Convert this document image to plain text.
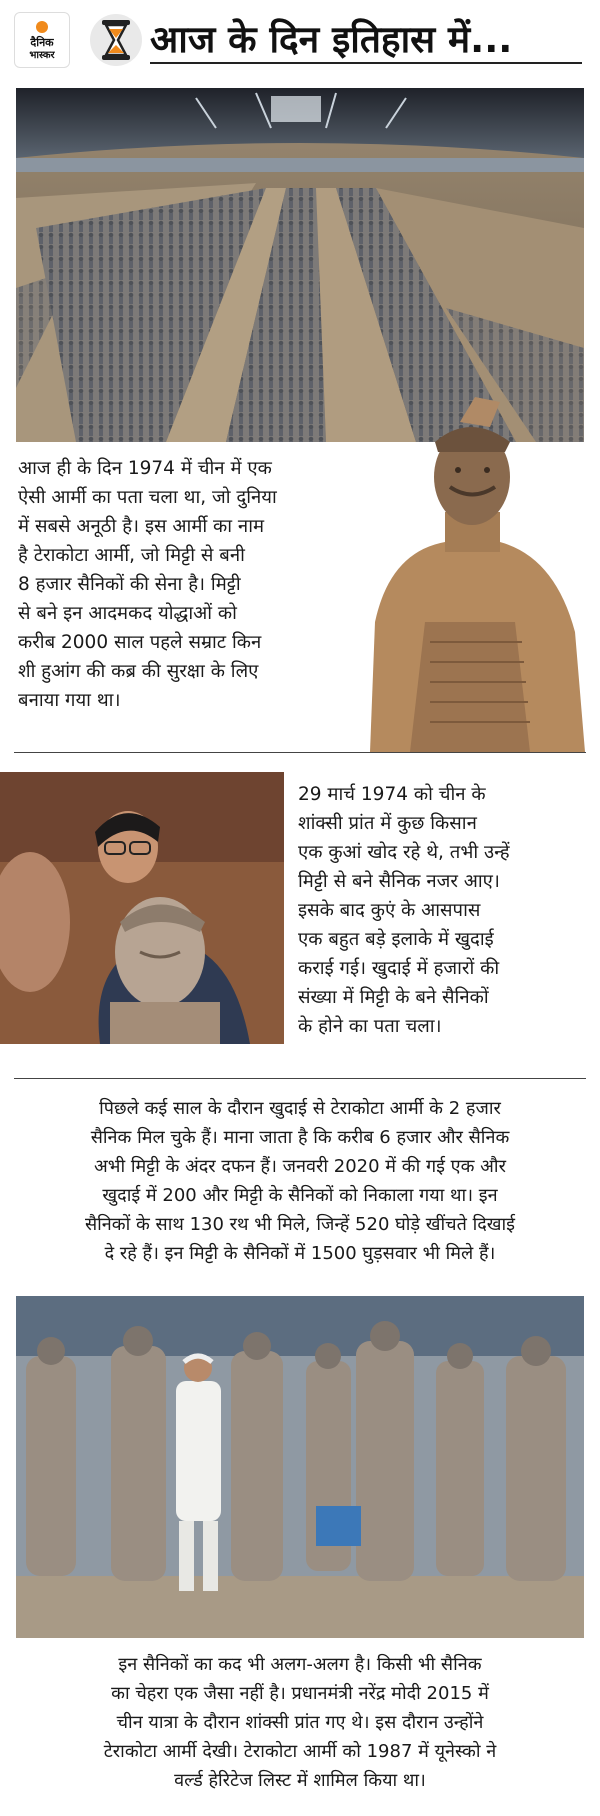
दैनिक
भास्कर	आज के दिन इतिहास में...
आज ही के दिन 1974 में चीन में एक
ऐसी आर्मी का पता चला था, जो दुनिया
में सबसे अनूठी है। इस आर्मी का नाम
है टेराकोटा आर्मी, जो मिट्टी से बनी
8 हजार सैनिकों की सेना है। मिट्टी
से बने इन आदमकद योद्धाओं को
करीब 2000 साल पहले सम्राट किन
शी हुआंग की कब्र की सुरक्षा के लिए
बनाया गया था।
29 मार्च 1974 को चीन के
शांक्सी प्रांत में कुछ किसान
एक कुआं खोद रहे थे, तभी उन्हें
मिट्टी से बने सैनिक नजर आए।
इसके बाद कुएं के आसपास
एक बहुत बड़े इलाके में खुदाई
कराई गई। खुदाई में हजारों की
संख्या में मिट्टी के बने सैनिकों
के होने का पता चला।
पिछले कई साल के दौरान खुदाई से टेराकोटा आर्मी के 2 हजार
सैनिक मिल चुके हैं। माना जाता है कि करीब 6 हजार और सैनिक
अभी मिट्टी के अंदर दफन हैं। जनवरी 2020 में की गई एक और
खुदाई में 200 और मिट्टी के सैनिकों को निकाला गया था। इन
सैनिकों के साथ 130 रथ भी मिले, जिन्हें 520 घोड़े खींचते दिखाई
दे रहे हैं। इन मिट्टी के सैनिकों में 1500 घुड़सवार भी मिले हैं।
इन सैनिकों का कद भी अलग-अलग है। किसी भी सैनिक
का चेहरा एक जैसा नहीं है। प्रधानमंत्री नरेंद्र मोदी 2015 में
चीन यात्रा के दौरान शांक्सी प्रांत गए थे। इस दौरान उन्होंने
टेराकोटा आर्मी देखी। टेराकोटा आर्मी को 1987 में यूनेस्को ने
वर्ल्ड हेरिटेज लिस्ट में शामिल किया था।
